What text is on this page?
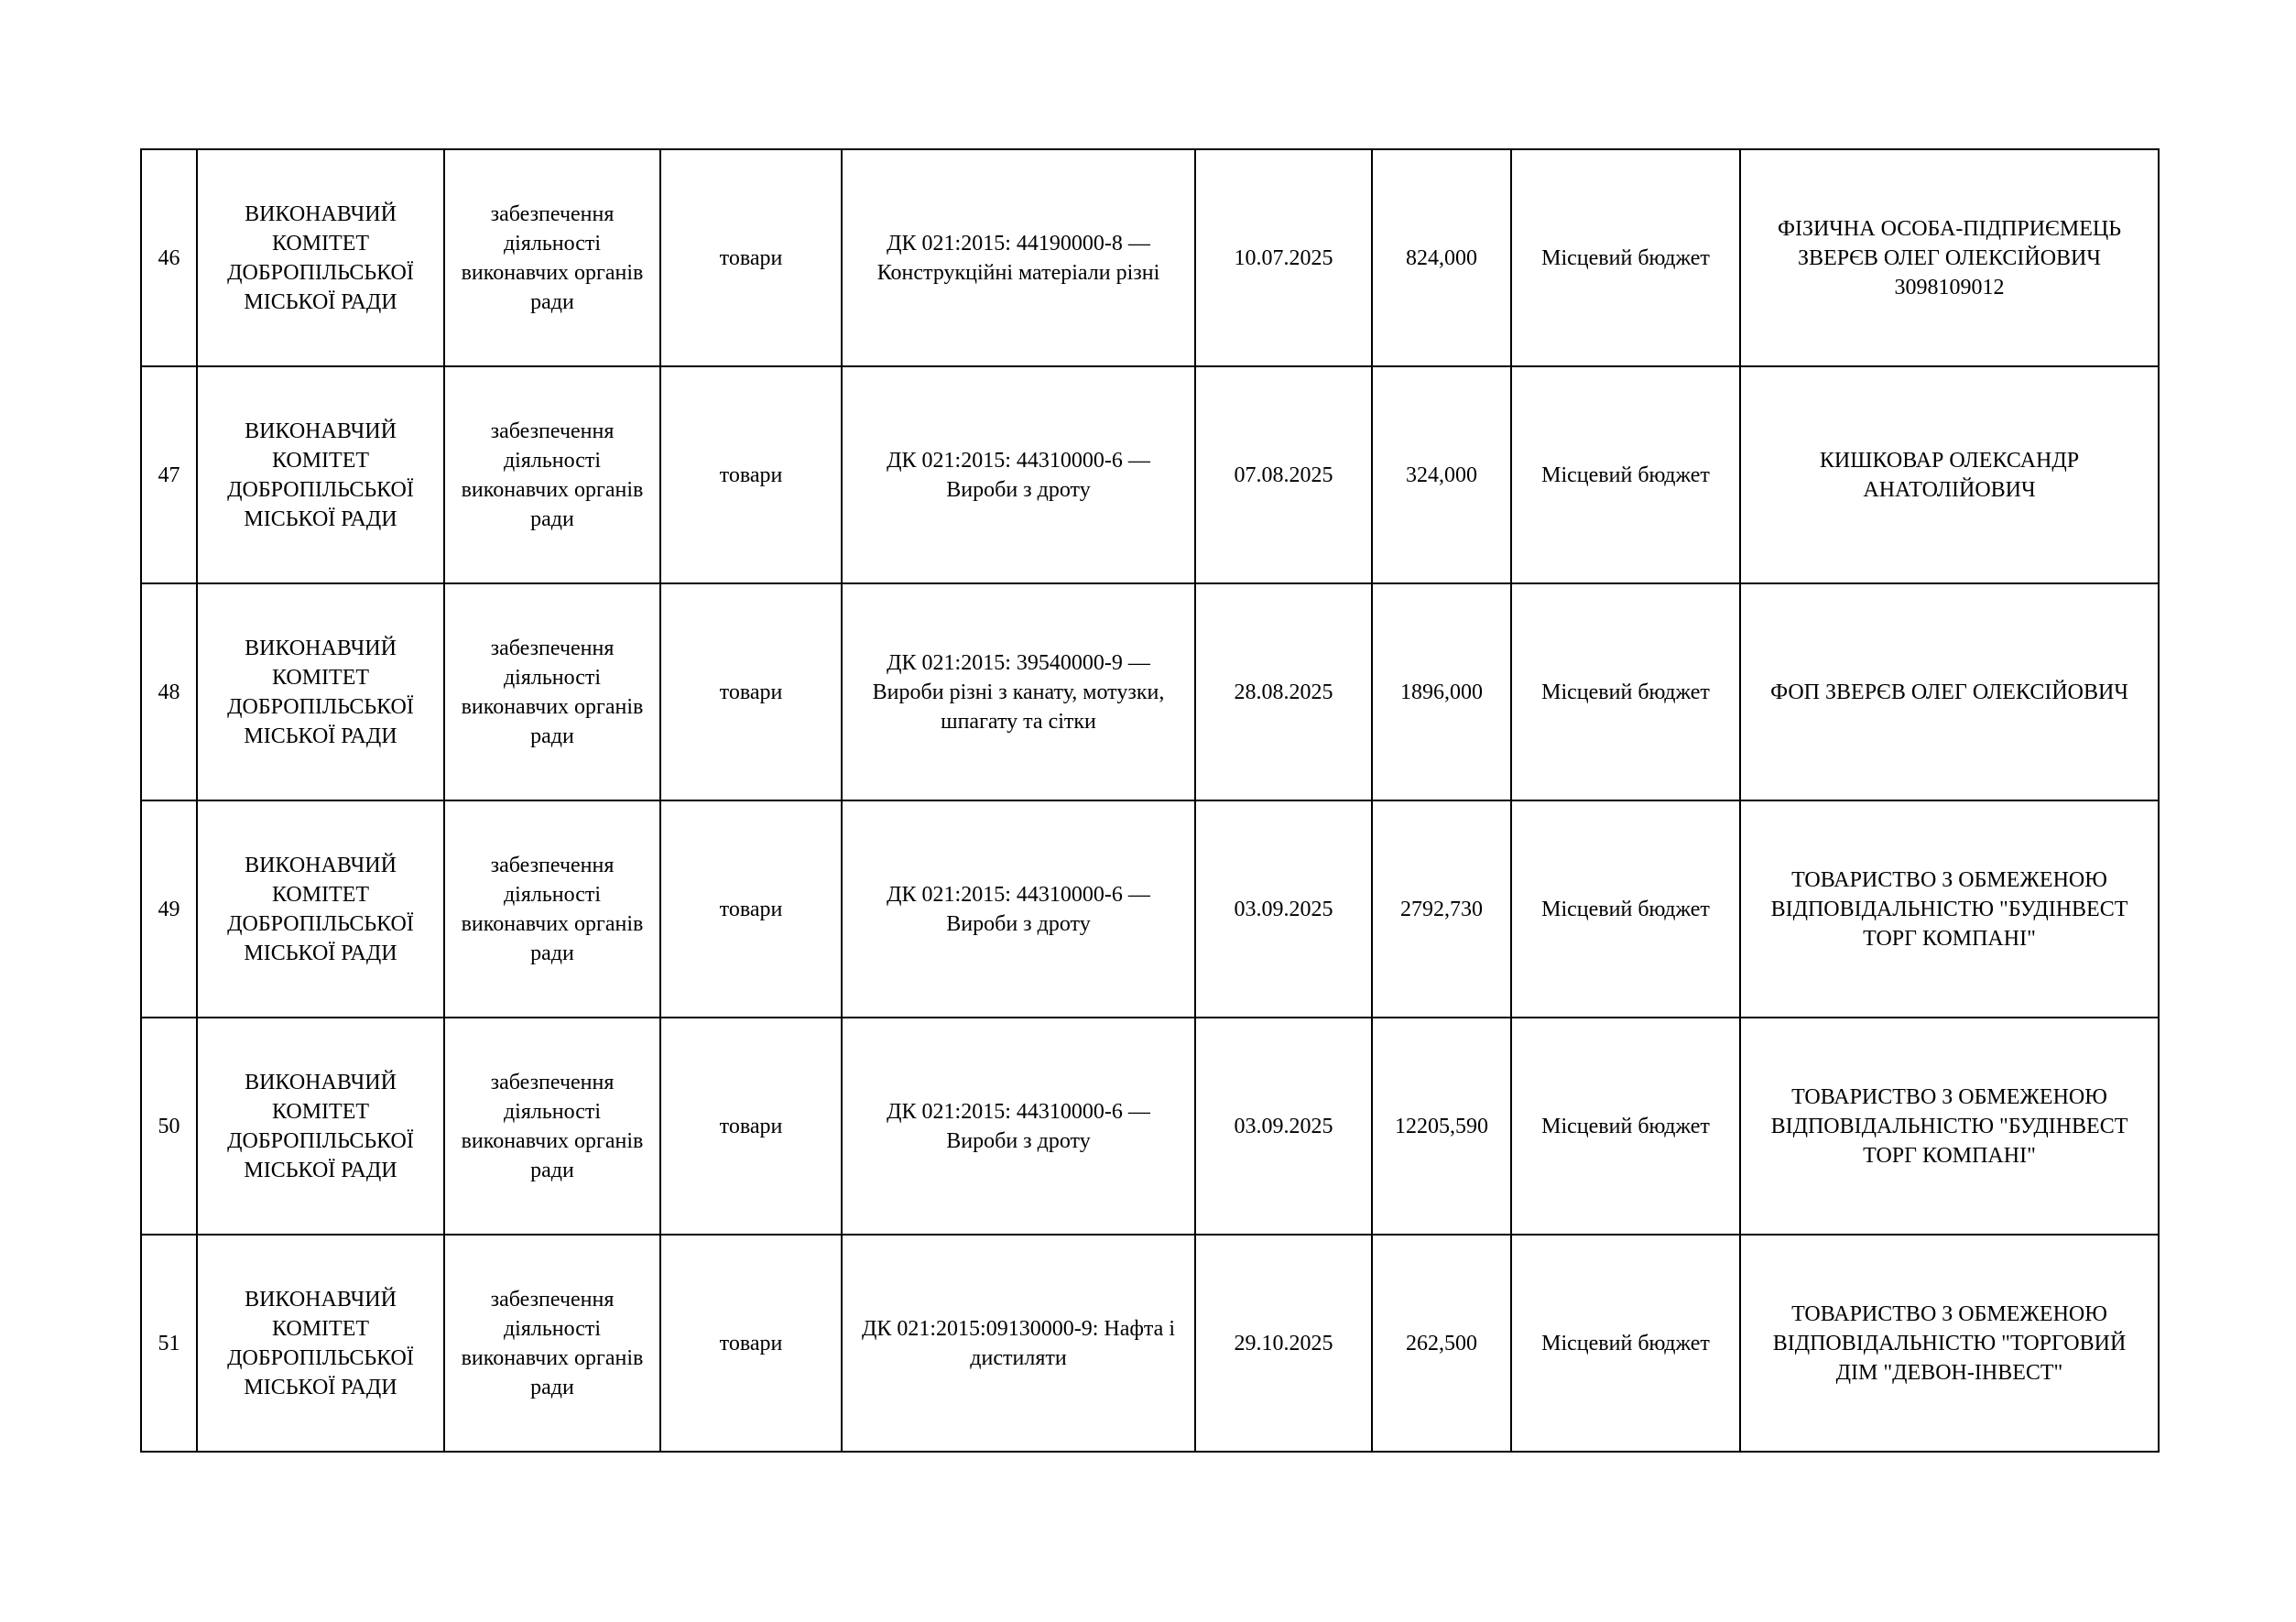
46	ВИКОНАВЧИЙ КОМІТЕТ ДОБРОПІЛЬСЬКОЇ МІСЬКОЇ РАДИ	забезпечення діяльності виконавчих органів ради	товари	ДК 021:2015: 44190000-8 — Конструкційні матеріали різні	10.07.2025	824,000	Місцевий бюджет	ФІЗИЧНА ОСОБА-ПІДПРИЄМЕЦЬ ЗВЕРЄВ ОЛЕГ ОЛЕКСІЙОВИЧ 3098109012
47	ВИКОНАВЧИЙ КОМІТЕТ ДОБРОПІЛЬСЬКОЇ МІСЬКОЇ РАДИ	забезпечення діяльності виконавчих органів ради	товари	ДК 021:2015: 44310000-6 — Вироби з дроту	07.08.2025	324,000	Місцевий бюджет	КИШКОВАР ОЛЕКСАНДР АНАТОЛІЙОВИЧ
48	ВИКОНАВЧИЙ КОМІТЕТ ДОБРОПІЛЬСЬКОЇ МІСЬКОЇ РАДИ	забезпечення діяльності виконавчих органів ради	товари	ДК 021:2015: 39540000-9 — Вироби різні з канату, мотузки, шпагату та сітки	28.08.2025	1896,000	Місцевий бюджет	ФОП ЗВЕРЄВ ОЛЕГ ОЛЕКСІЙОВИЧ
49	ВИКОНАВЧИЙ КОМІТЕТ ДОБРОПІЛЬСЬКОЇ МІСЬКОЇ РАДИ	забезпечення діяльності виконавчих органів ради	товари	ДК 021:2015: 44310000-6 — Вироби з дроту	03.09.2025	2792,730	Місцевий бюджет	ТОВАРИСТВО З ОБМЕЖЕНОЮ ВІДПОВІДАЛЬНІСТЮ "БУДІНВЕСТ ТОРГ КОМПАНІ"
50	ВИКОНАВЧИЙ КОМІТЕТ ДОБРОПІЛЬСЬКОЇ МІСЬКОЇ РАДИ	забезпечення діяльності виконавчих органів ради	товари	ДК 021:2015: 44310000-6 — Вироби з дроту	03.09.2025	12205,590	Місцевий бюджет	ТОВАРИСТВО З ОБМЕЖЕНОЮ ВІДПОВІДАЛЬНІСТЮ "БУДІНВЕСТ ТОРГ КОМПАНІ"
51	ВИКОНАВЧИЙ КОМІТЕТ ДОБРОПІЛЬСЬКОЇ МІСЬКОЇ РАДИ	забезпечення діяльності виконавчих органів ради	товари	ДК 021:2015:09130000-9: Нафта і дистиляти	29.10.2025	262,500	Місцевий бюджет	ТОВАРИСТВО З ОБМЕЖЕНОЮ ВІДПОВІДАЛЬНІСТЮ "ТОРГОВИЙ ДІМ "ДЕВОН-ІНВЕСТ"
